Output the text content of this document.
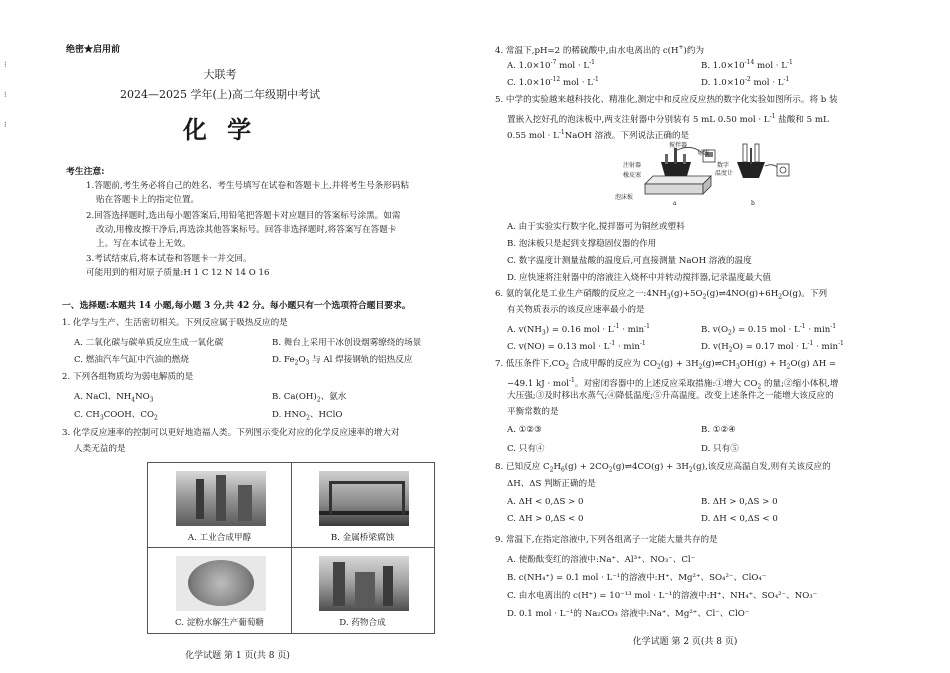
⁝
⁝
⁝
绝密★启用前
大联考
2024—2025 学年(上)高二年级期中考试
化 学
考生注意:
1.答题前,考生务必将自己的姓名、考生号填写在试卷和答题卡上,并将考生号条形码粘
贴在答题卡上的指定位置。
2.回答选择题时,选出每小题答案后,用铅笔把答题卡对应题目的答案标号涂黑。如需
改动,用橡皮擦干净后,再选涂其他答案标号。回答非选择题时,将答案写在答题卡
上。写在本试卷上无效。
3.考试结束后,将本试卷和答题卡一并交回。
可能用到的相对原子质量:H 1 C 12 N 14 O 16
一、选择题:本题共 14 小题,每小题 3 分,共 42 分。每小题只有一个选项符合题目要求。
1. 化学与生产、生活密切相关。下列反应属于吸热反应的是
A. 二氧化碳与碳单质反应生成一氧化碳	B. 舞台上采用干冰创设烟雾缭绕的场景
C. 燃油汽车气缸中汽油的燃烧	D. $Fe_2O_3$ 与 Al 焊接钢轨的铝热反应
2. 下列各组物质均为弱电解质的是
A. NaCl、$NH_4NO_3$	B. $Ca(OH)_2$、氨水
C. $CH_3COOH$、$CO_2$	D. $HNO_2$、HClO
3. 化学反应速率的控制可以更好地造福人类。下列图示变化对应的化学反应速率的增大对
人类无益的是
A. 工业合成甲醇	B. 金属桥梁腐蚀
C. 淀粉水解生产葡萄糖	D. 药物合成
化学试题 第 1 页(共 8 页)
4. 常温下,pH=2 的稀硫酸中,由水电离出的 c(H+)约为
A. $1.0\times 10^{-7}$ mol · $L^{-1}$	B. $1.0\times 10^{-14}$ mol · $L^{-1}$
C. $1.0\times 10^{-12}$ mol · $L^{-1}$	D. $1.0\times 10^{-2}$ mol · $L^{-1}$
5. 中学的实验越来越科技化、精准化,测定中和反应反应热的数字化实验如图所示。将 b 装
置嵌入挖好孔的泡沫板中,两支注射器中分别装有 5 mL 0.50 mol · $L^{-1}$ 盐酸和 5 mL
0.55 mol · $L^{-1}NaOH$ 溶液。下列说法正确的是
搅拌器
导线
注射器	数字
温度计
橡皮塞
泡沫板
a	b
A. 由于实验实行数字化,搅拌器可为铜丝或塑料
B. 泡沫板只是起到支撑稳固仪器的作用
C. 数字温度计测量盐酸的温度后,可直接测量 NaOH 溶液的温度
D. 应快速将注射器中的溶液注入烧杯中并转动搅拌器,记录温度最大值
6. 氨的氧化是工业生产硝酸的反应之一$:4NH_3(g)+5O_2(g)\rightleftharpoons 4NO(g)+6H_2O(g)$。下列
有关物质表示的该反应速率最小的是
A. $v(NH_3) = 0.16$ mol · $L^{-1} \cdot \min^{-1}$	B. $v(O_2) = 0.15$ mol · $L^{-1} \cdot \min^{-1}$
C. v(NO) = 0.13 mol · $L^{-1} \cdot \min^{-1}$	D. $v(H_2O) = 0.17$ mol · $L^{-1} \cdot \min^{-1}$
7. 低压条件下$,CO_2$ 合成甲醇的反应为 $CO_2(g)$ + $3H_2(g)\rightleftharpoons CH_3OH(g) + H_2O(g) \Delta H$ =
−49.1 kJ · mol$^{-1}$。对密闭容器中的上述反应采取措施:①增大 $CO_2$ 的量;②缩小体积,增
大压强;③及时移出水蒸气;④降低温度;⑤升高温度。改变上述条件之一能增大该反应的
平衡常数的是
A. ①②③	B. ①②④
C. 只有④	D. 只有⑤
8. 已知反应 $C_2H_6(g)$ + $2CO_2(g)\rightleftharpoons 4CO(g) + 3H_2(g)$,该反应高温自发,则有关该反应的
ΔH、ΔS 判断正确的是
A. ΔH < 0,ΔS > 0	B. ΔH > 0,ΔS > 0
C. ΔH > 0,ΔS < 0	D. ΔH < 0,ΔS < 0
9. 常温下,在指定溶液中,下列各组离子一定能大量共存的是
A. 使酚酞变红的溶液中:Na⁺、Al³⁺、NO₃⁻、Cl⁻
B. c(NH₄⁺) = 0.1 mol · L⁻¹的溶液中:H⁺、Mg²⁺、SO₄²⁻、ClO₄⁻
C. 由水电离出的 c(H⁺) = 10⁻¹³ mol · L⁻¹的溶液中:H⁺、NH₄⁺、SO₄²⁻、NO₃⁻
D. 0.1 mol · L⁻¹的 Na₂CO₃ 溶液中:Na⁺、Mg²⁺、Cl⁻、ClO⁻
化学试题 第 2 页(共 8 页)
